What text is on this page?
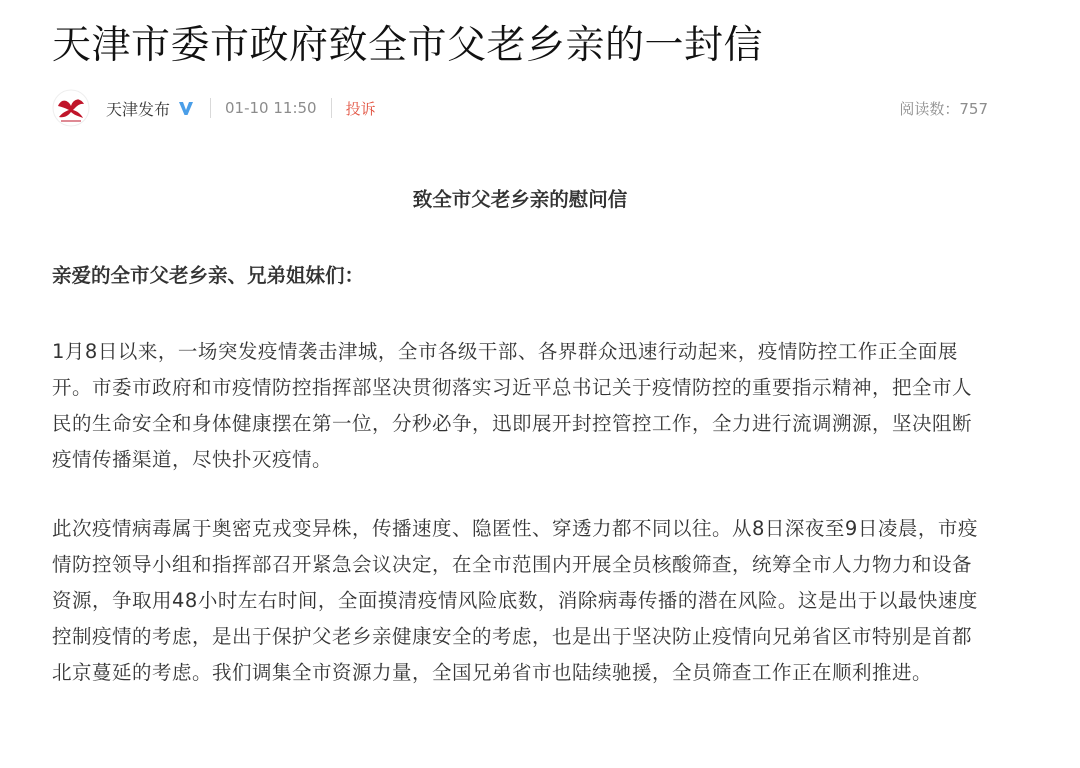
天津市委市政府致全市父老乡亲的一封信
天津发布	01-10 11:50 投诉	阅读数：757

致全市父老乡亲的慰问信

亲爱的全市父老乡亲、兄弟姐妹们：

1月8日以来，一场突发疫情袭击津城，全市各级干部、各界群众迅速行动起来，疫情防控工作正全面展开。市委市政府和市疫情防控指挥部坚决贯彻落实习近平总书记关于疫情防控的重要指示精神，把全市人民的生命安全和身体健康摆在第一位，分秒必争，迅即展开封控管控工作，全力进行流调溯源，坚决阻断疫情传播渠道，尽快扑灭疫情。

此次疫情病毒属于奥密克戎变异株，传播速度、隐匿性、穿透力都不同以往。从8日深夜至9日凌晨，市疫情防控领导小组和指挥部召开紧急会议决定，在全市范围内开展全员核酸筛查，统筹全市人力物力和设备资源，争取用48小时左右时间，全面摸清疫情风险底数，消除病毒传播的潜在风险。这是出于以最快速度控制疫情的考虑，是出于保护父老乡亲健康安全的考虑，也是出于坚决防止疫情向兄弟省区市特别是首都北京蔓延的考虑。我们调集全市资源力量，全国兄弟省市也陆续驰援，全员筛查工作正在顺利推进。
